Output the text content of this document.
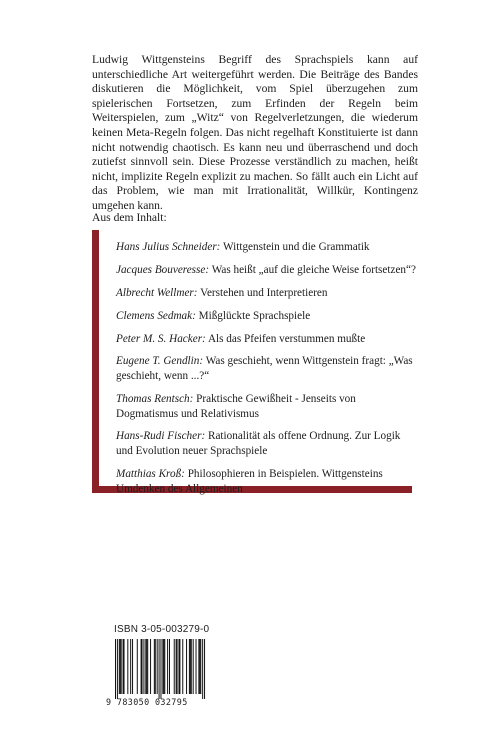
Ludwig Wittgensteins Begriff des Sprachspiels kann auf unterschiedliche Art weitergeführt werden. Die Beiträge des Bandes diskutieren die Möglichkeit, vom Spiel überzugehen zum spielerischen Fortsetzen, zum Erfinden der Regeln beim Weiterspielen, zum „Witz“ von Regelverletzungen, die wiederum keinen Meta-Regeln folgen. Das nicht regelhaft Konstituierte ist dann nicht notwendig chaotisch. Es kann neu und überraschend und doch zutiefst sinnvoll sein. Diese Prozesse verständlich zu machen, heißt nicht, implizite Regeln explizit zu machen. So fällt auch ein Licht auf das Problem, wie man mit Irrationalität, Willkür, Kontingenz umgehen kann.

Aus dem Inhalt:

Hans Julius Schneider: Wittgenstein und die Grammatik
Jacques Bouveresse: Was heißt „auf die gleiche Weise fortsetzen“?
Albrecht Wellmer: Verstehen und Interpretieren
Clemens Sedmak: Mißglückte Sprachspiele
Peter M. S. Hacker: Als das Pfeifen verstummen mußte
Eugene T. Gendlin: Was geschieht, wenn Wittgenstein fragt: „Was geschieht, wenn ...?“
Thomas Rentsch: Praktische Gewißheit - Jenseits von Dogmatismus und Relativismus
Hans-Rudi Fischer: Rationalität als offene Ordnung. Zur Logik und Evolution neuer Sprachspiele
Matthias Kroß: Philosophieren in Beispielen. Wittgensteins Umdenken des Allgemeinen
ISBN 3-05-003279-0
9 783050 032795
